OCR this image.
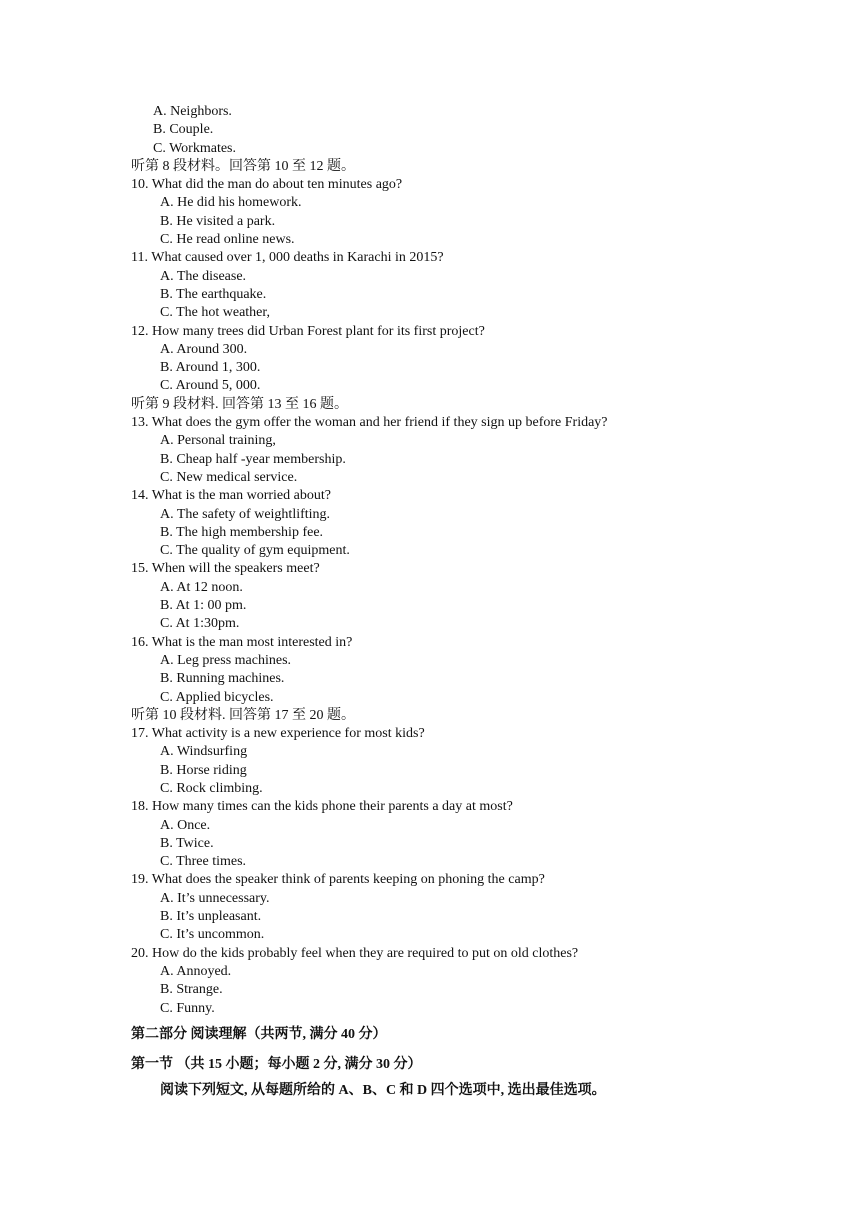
A. Neighbors.
B. Couple.
C. Workmates.
听第 8 段材料。回答第 10 至 12 题。
10. What did the man do about ten minutes ago?
A. He did his homework.
B. He visited a park.
C. He read online news.
11. What caused over 1, 000 deaths in Karachi in 2015?
A. The disease.
B. The earthquake.
C. The hot weather,
12. How many trees did Urban Forest plant for its first project?
A. Around 300.
B. Around 1, 300.
C. Around 5, 000.
听第 9 段材料. 回答第 13 至 16 题。
13. What does the gym offer the woman and her friend if they sign up before Friday?
A. Personal training,
B. Cheap half -year membership.
C. New medical service.
14. What is the man worried about?
A. The safety of weightlifting.
B. The high membership fee.
C. The quality of gym equipment.
15. When will the speakers meet?
A. At 12 noon.
B. At 1: 00 pm.
C. At 1:30pm.
16. What is the man most interested in?
A. Leg press machines.
B. Running machines.
C. Applied bicycles.
听第 10 段材料. 回答第 17 至 20 题。
17. What activity is a new experience for most kids?
A. Windsurfing
B. Horse riding
C. Rock climbing.
18. How many times can the kids phone their parents a day at most?
A. Once.
B. Twice.
C. Three times.
19. What does the speaker think of parents keeping on phoning the camp?
A. It’s unnecessary.
B. It’s unpleasant.
C. It’s uncommon.
20. How do the kids probably feel when they are required to put on old clothes?
A. Annoyed.
B. Strange.
C. Funny.
第二部分 阅读理解（共两节, 满分 40 分）
第一节 （共 15 小题；每小题 2 分, 满分 30 分）
阅读下列短文, 从每题所给的 A、B、C 和 D 四个选项中, 选出最佳选项。
